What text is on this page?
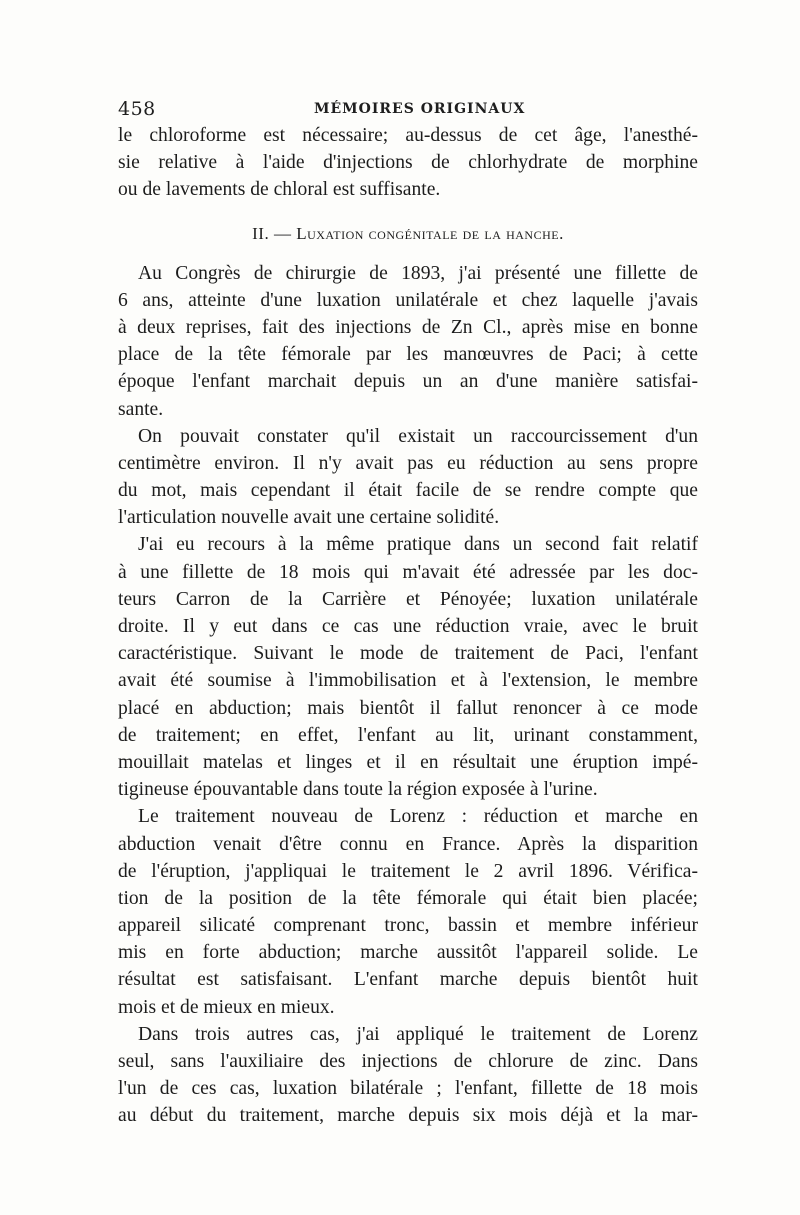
458	MÉMOIRES ORIGINAUX
le chloroforme est nécessaire; au-dessus de cet âge, l'anesthé-
sie relative à l'aide d'injections de chlorhydrate de morphine
ou de lavements de chloral est suffisante.
II. — Luxation congénitale de la hanche.
Au Congrès de chirurgie de 1893, j'ai présenté une fillette de
6 ans, atteinte d'une luxation unilatérale et chez laquelle j'avais
à deux reprises, fait des injections de Zn Cl., après mise en bonne
place de la tête fémorale par les manœuvres de Paci; à cette
époque l'enfant marchait depuis un an d'une manière satisfai-
sante.
On pouvait constater qu'il existait un raccourcissement d'un
centimètre environ. Il n'y avait pas eu réduction au sens propre
du mot, mais cependant il était facile de se rendre compte que
l'articulation nouvelle avait une certaine solidité.
J'ai eu recours à la même pratique dans un second fait relatif
à une fillette de 18 mois qui m'avait été adressée par les doc-
teurs Carron de la Carrière et Pénoyée; luxation unilatérale
droite. Il y eut dans ce cas une réduction vraie, avec le bruit
caractéristique. Suivant le mode de traitement de Paci, l'enfant
avait été soumise à l'immobilisation et à l'extension, le membre
placé en abduction; mais bientôt il fallut renoncer à ce mode
de traitement; en effet, l'enfant au lit, urinant constamment,
mouillait matelas et linges et il en résultait une éruption impé-
tigineuse épouvantable dans toute la région exposée à l'urine.
Le traitement nouveau de Lorenz : réduction et marche en
abduction venait d'être connu en France. Après la disparition
de l'éruption, j'appliquai le traitement le 2 avril 1896. Vérifica-
tion de la position de la tête fémorale qui était bien placée;
appareil silicaté comprenant tronc, bassin et membre inférieur
mis en forte abduction; marche aussitôt l'appareil solide. Le
résultat est satisfaisant. L'enfant marche depuis bientôt huit
mois et de mieux en mieux.
Dans trois autres cas, j'ai appliqué le traitement de Lorenz
seul, sans l'auxiliaire des injections de chlorure de zinc. Dans
l'un de ces cas, luxation bilatérale ; l'enfant, fillette de 18 mois
au début du traitement, marche depuis six mois déjà et la mar-
